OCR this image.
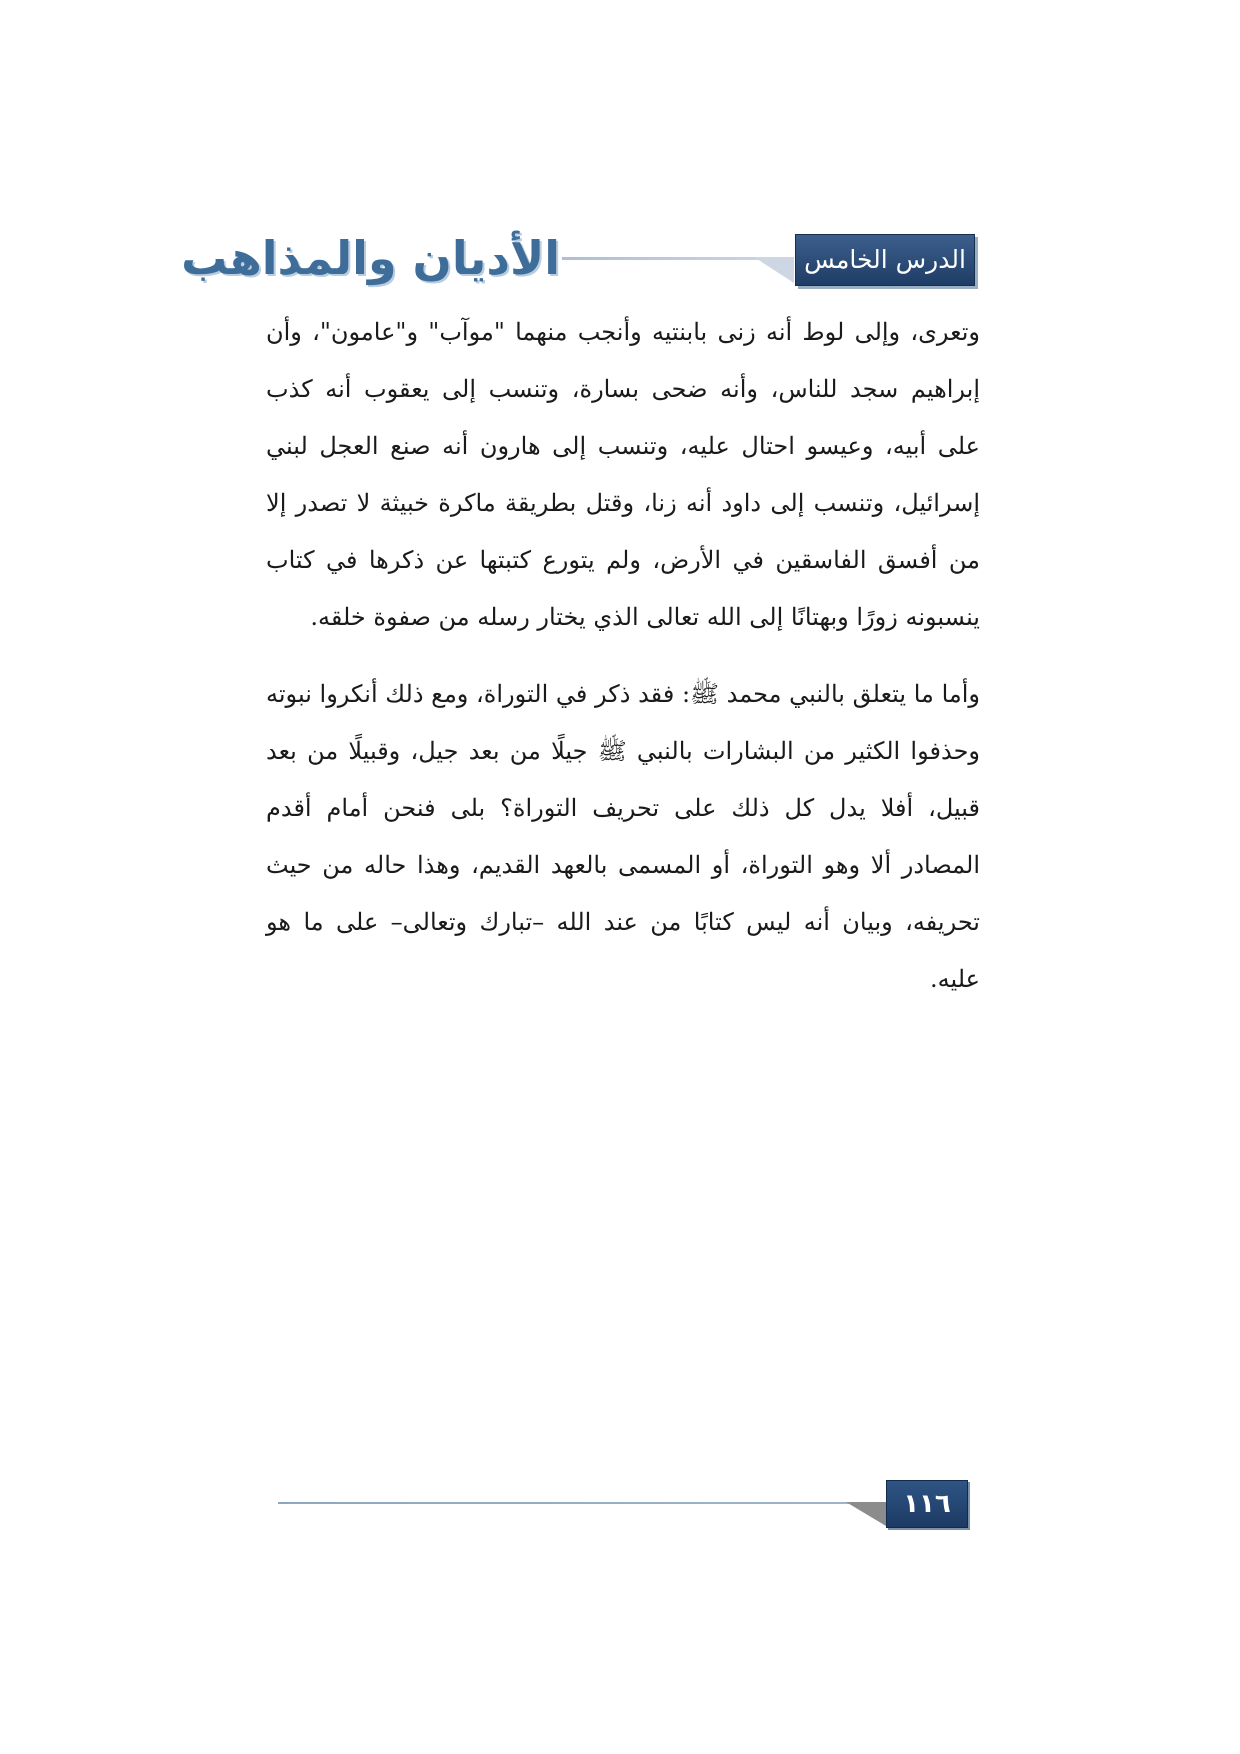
الأديان والمذاهب	الدرس الخامس

وتعرى، وإلى لوط أنه زنى بابنتيه وأنجب منهما "موآب" و"عامون"، وأن إبراهيم سجد للناس، وأنه ضحى بسارة، وتنسب إلى يعقوب أنه كذب على أبيه، وعيسو احتال عليه، وتنسب إلى هارون أنه صنع العجل لبني إسرائيل، وتنسب إلى داود أنه زنا، وقتل بطريقة ماكرة خبيثة لا تصدر إلا من أفسق الفاسقين في الأرض، ولم يتورع كتبتها عن ذكرها في كتاب ينسبونه زورًا وبهتانًا إلى الله تعالى الذي يختار رسله من صفوة خلقه.

وأما ما يتعلق بالنبي محمد ﷺ: فقد ذكر في التوراة، ومع ذلك أنكروا نبوته وحذفوا الكثير من البشارات بالنبي ﷺ جيلًا من بعد جيل، وقبيلًا من بعد قبيل، أفلا يدل كل ذلك على تحريف التوراة؟ بلى فنحن أمام أقدم المصادر ألا وهو التوراة، أو المسمى بالعهد القديم، وهذا حاله من حيث تحريفه، وبيان أنه ليس كتابًا من عند الله –تبارك وتعالى– على ما هو عليه.

١١٦
